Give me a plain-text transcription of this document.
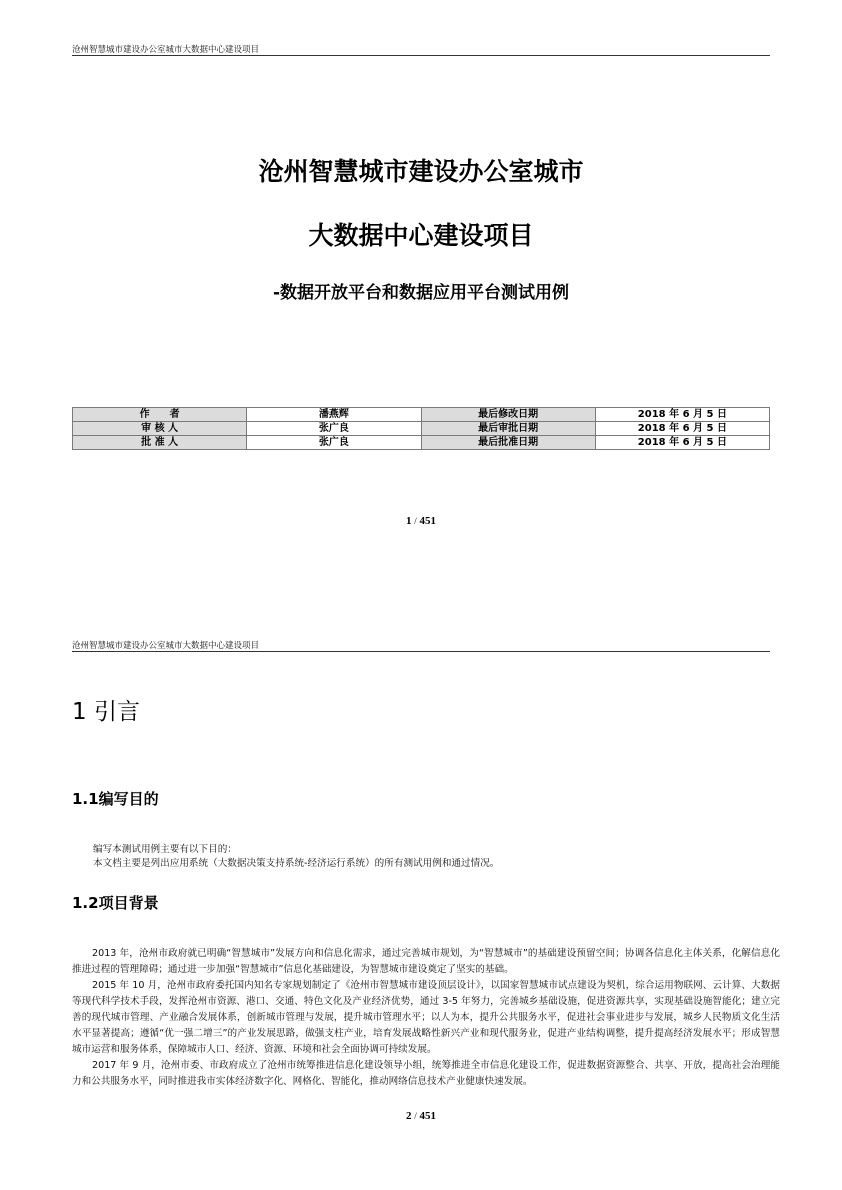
沧州智慧城市建设办公室城市大数据中心建设项目
沧州智慧城市建设办公室城市
大数据中心建设项目
-数据开放平台和数据应用平台测试用例
作　　者	潘燕辉	最后修改日期	2018 年 6 月 5 日
审 核 人	张广良	最后审批日期	2018 年 6 月 5 日
批 准 人	张广良	最后批准日期	2018 年 6 月 5 日
1 / 451
沧州智慧城市建设办公室城市大数据中心建设项目
1 引言
1.1编写目的

编写本测试用例主要有以下目的：

本文档主要是列出应用系统（大数据决策支持系统-经济运行系统）的所有测试用例和通过情况。

1.2项目背景

2013 年，沧州市政府就已明确“智慧城市”发展方向和信息化需求，通过完善城市规划，为“智慧城市”的基础建设预留空间；协调各信息化主体关系，化解信息化推进过程的管理障碍；通过进一步加强“智慧城市”信息化基础建设，为智慧城市建设奠定了坚实的基础。

2015 年 10 月，沧州市政府委托国内知名专家规划制定了《沧州市智慧城市建设顶层设计》，以国家智慧城市试点建设为契机，综合运用物联网、云计算、大数据等现代科学技术手段，发挥沧州市资源、港口、交通、特色文化及产业经济优势，通过 3-5 年努力，完善城乡基础设施，促进资源共享，实现基础设施智能化；建立完善的现代城市管理、产业融合发展体系，创新城市管理与发展，提升城市管理水平；以人为本，提升公共服务水平，促进社会事业进步与发展，城乡人民物质文化生活水平显著提高；遵循“优一强二增三”的产业发展思路，做强支柱产业，培育发展战略性新兴产业和现代服务业，促进产业结构调整，提升提高经济发展水平；形成智慧城市运营和服务体系，保障城市人口、经济、资源、环境和社会全面协调可持续发展。

2017 年 9 月，沧州市委、市政府成立了沧州市统筹推进信息化建设领导小组，统筹推进全市信息化建设工作，促进数据资源整合、共享、开放，提高社会治理能力和公共服务水平，同时推进我市实体经济数字化、网格化、智能化，推动网络信息技术产业健康快速发展。

2 / 451
